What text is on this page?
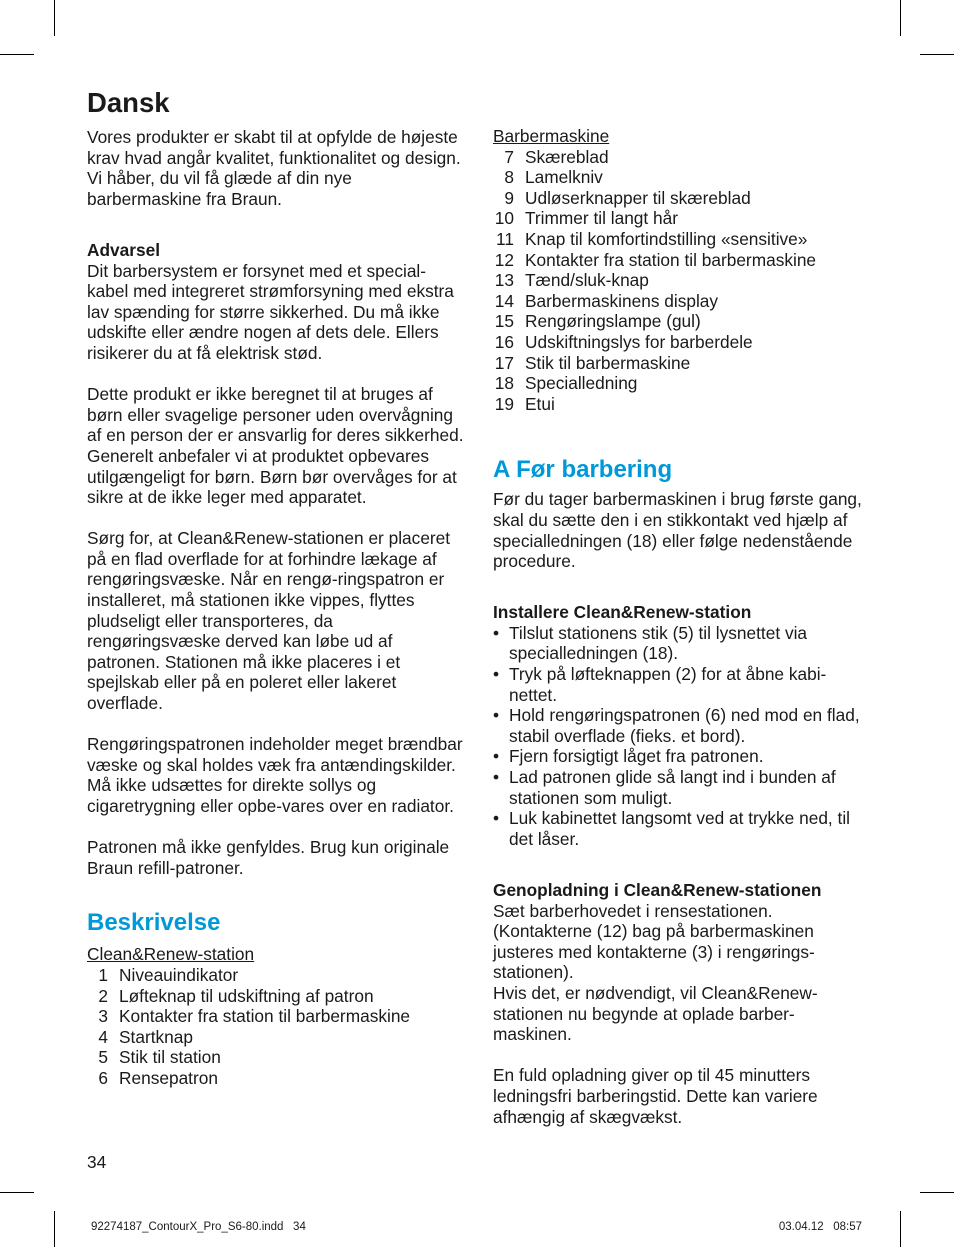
Dansk

Vores produkter er skabt til at opfylde de højeste krav hvad angår kvalitet, funktionalitet og design. Vi håber, du vil få glæde af din nye barbermaskine fra Braun.

Advarsel

Dit barbersystem er forsynet med et special-kabel med integreret strømforsyning med ekstra lav spænding for større sikkerhed. Du må ikke udskifte eller ændre nogen af dets dele. Ellers risikerer du at få elektrisk stød.

Dette produkt er ikke beregnet til at bruges af børn eller svagelige personer uden overvågning af en person der er ansvarlig for deres sikkerhed. Generelt anbefaler vi at produktet opbevares utilgængeligt for børn. Børn bør overvåges for at sikre at de ikke leger med apparatet.

Sørg for, at Clean&Renew-stationen er placeret på en flad overflade for at forhindre lækage af rengøringsvæske. Når en rengø-ringspatron er installeret, må stationen ikke vippes, flyttes pludseligt eller transporteres, da rengøringsvæske derved kan løbe ud af patronen. Stationen må ikke placeres i et spejlskab eller på en poleret eller lakeret overflade.

Rengøringspatronen indeholder meget brændbar væske og skal holdes væk fra antændingskilder. Må ikke udsættes for direkte sollys og cigaretrygning eller opbe-vares over en radiator.

Patronen må ikke genfyldes. Brug kun originale Braun refill-patroner.

Beskrivelse
Clean&Renew-station
1 Niveauindikator
2 Løfteknap til udskiftning af patron
3 Kontakter fra station til barbermaskine
4 Startknap
5 Stik til station
6 Rensepatron
Barbermaskine
7 Skæreblad
8 Lamelkniv
9 Udløserknapper til skæreblad
10 Trimmer til langt hår
11 Knap til komfortindstilling «sensitive»
12 Kontakter fra station til barbermaskine
13 Tænd/sluk-knap
14 Barbermaskinens display
15 Rengøringslampe (gul)
16 Udskiftningslys for barberdele
17 Stik til barbermaskine
18 Specialledning
19 Etui
A Før barbering

Før du tager barbermaskinen i brug første gang, skal du sætte den i en stikkontakt ved hjælp af specialledningen (18) eller følge nedenstående procedure.

Installere Clean&Renew-station
• Tilslut stationens stik (5) til lysnettet via specialledningen (18).
• Tryk på løfteknappen (2) for at åbne kabi-nettet.
• Hold rengøringspatronen (6) ned mod en flad, stabil overflade (fieks. et bord).
• Fjern forsigtigt låget fra patronen.
• Lad patronen glide så langt ind i bunden af stationen som muligt.
• Luk kabinettet langsomt ved at trykke ned, til det låser.
Genopladning i Clean&Renew-stationen

Sæt barberhovedet i rensestationen. (Kontakterne (12) bag på barbermaskinen justeres med kontakterne (3) i rengørings-stationen).

Hvis det, er nødvendigt, vil Clean&Renew-stationen nu begynde at oplade barber-maskinen.

En fuld opladning giver op til 45 minutters ledningsfri barberingstid. Dette kan variere afhængig af skægvækst.

34
92274187_ContourX_Pro_S6-80.indd   34	03.04.12   08:57
